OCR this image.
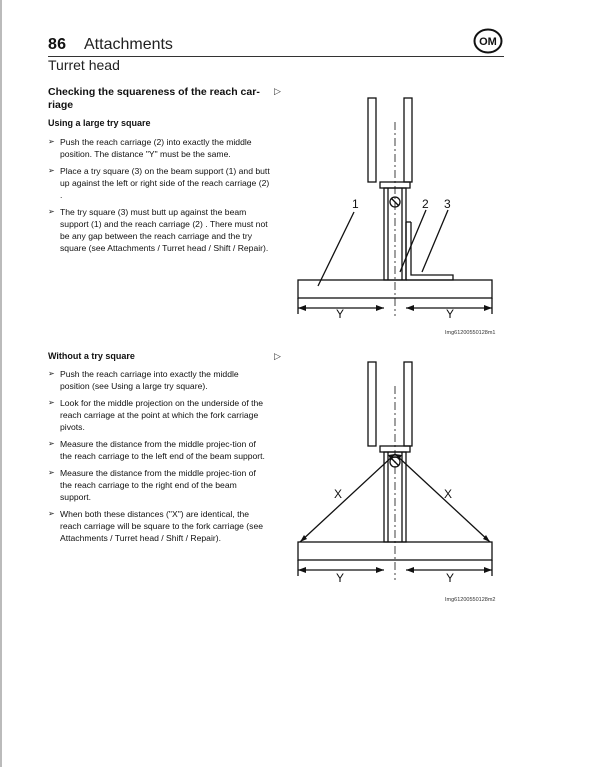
86 Attachments
Turret head
OM
Checking the squareness of the reach car-
riage
▷
Using a large try square
➢ Push the reach carriage (2) into exactly the middle position. The distance "Y" must be the same.
➢ Place a try square (3) on the beam support (1) and butt up against the left or right side of the reach carriage (2) .
➢ The try square (3) must butt up against the beam support (1) and the reach carriage (2) . There must not be any gap between the reach carriage and the try square (see Attachments / Turret head / Shift / Repair).
1	2 3
Y	Y
Img61200550128m1
Without a try square	▷
➢ Push the reach carriage into exactly the middle position (see Using a large try square).
➢ Look for the middle projection on the underside of the reach carriage at the point at which the fork carriage pivots.
➢ Measure the distance from the middle projec-tion of the reach carriage to the left end of the beam support.
➢ Measure the distance from the middle projec-tion of the reach carriage to the right end of the beam support.
➢ When both these distances ("X") are identical, the reach carriage will be square to the fork carriage (see Attachments / Turret head / Shift / Repair).
X	X
Y	Y
Img61200550128m2
